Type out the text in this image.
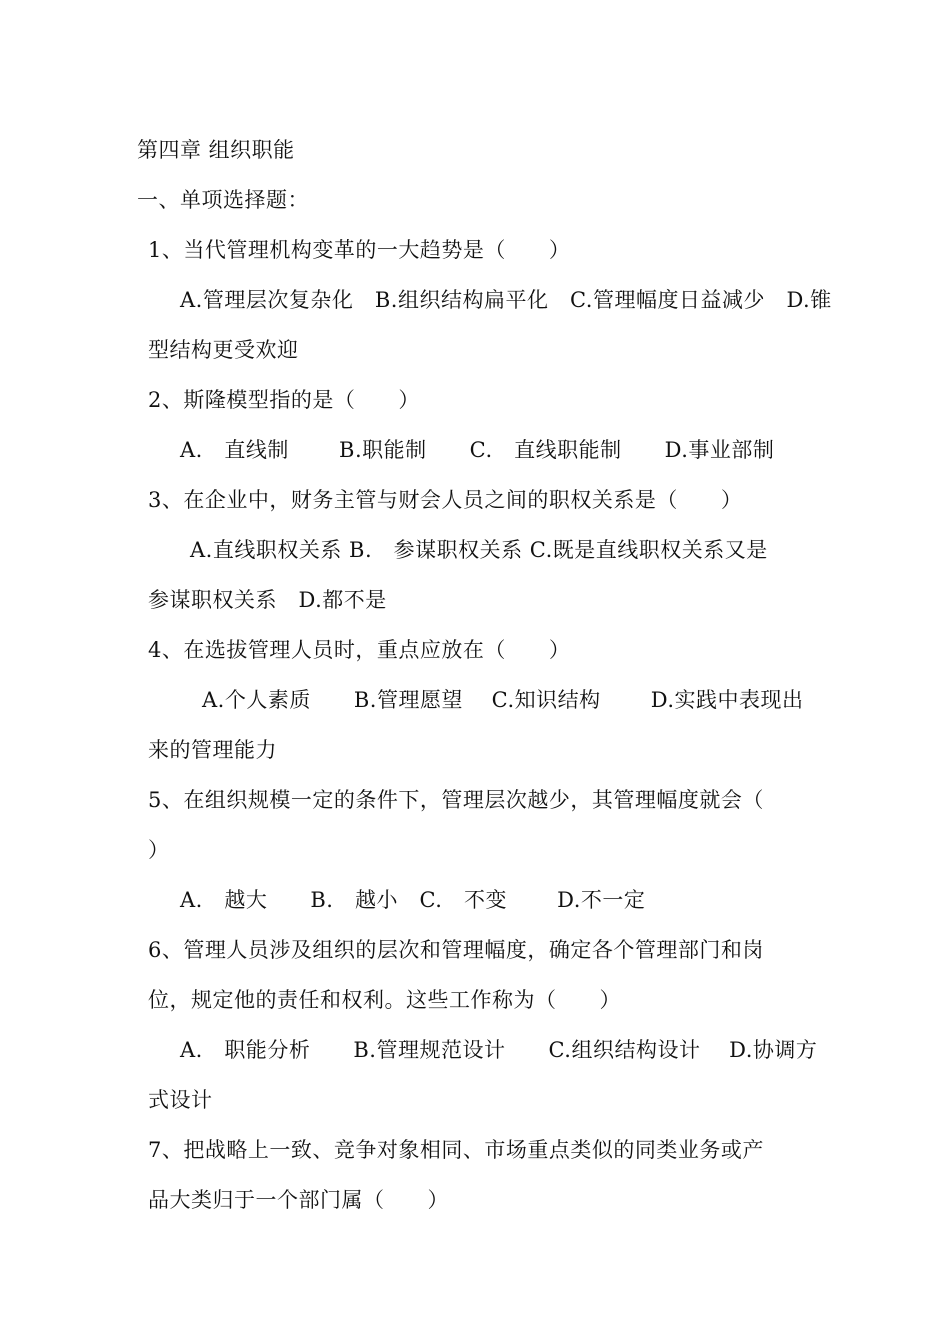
第四章 组织职能
一、单项选择题：
1、当代管理机构变革的一大趋势是（　　）
A.管理层次复杂化　B.组织结构扁平化　C.管理幅度日益减少　D.锥
型结构更受欢迎
2、斯隆模型指的是（　　）
A.　直线制　　 B.职能制　　C.　直线职能制　　D.事业部制
3、在企业中，财务主管与财会人员之间的职权关系是（　　）
A.直线职权关系 B.　参谋职权关系 C.既是直线职权关系又是
参谋职权关系　D.都不是
4、在选拔管理人员时，重点应放在（　　）
A.个人素质　　B.管理愿望　 C.知识结构　　 D.实践中表现出
来的管理能力
5、在组织规模一定的条件下，管理层次越少，其管理幅度就会（
）
A.　越大　　B.　越小　C.　不变　　 D.不一定
6、管理人员涉及组织的层次和管理幅度，确定各个管理部门和岗
位，规定他的责任和权利。这些工作称为（　　）
A.　职能分析　　B.管理规范设计　　C.组织结构设计　 D.协调方
式设计
7、把战略上一致、竞争对象相同、市场重点类似的同类业务或产
品大类归于一个部门属（　　）
